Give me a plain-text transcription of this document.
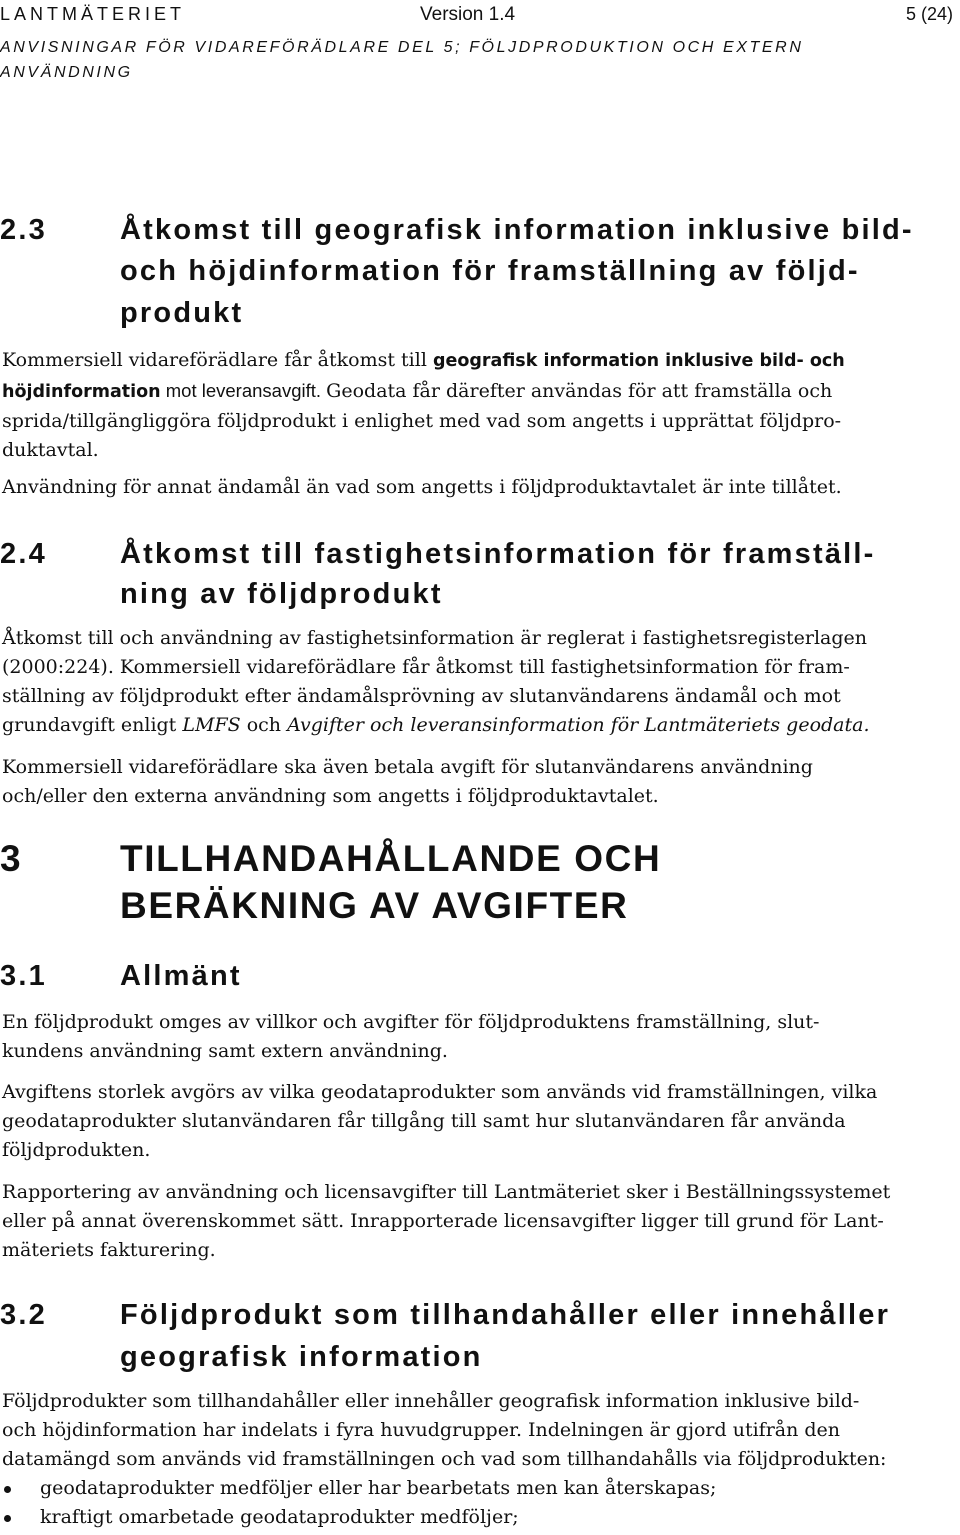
LANTMÄTERIET	Version 1.4	5 (24)
ANVISNINGAR FÖR VIDAREFÖRÄDLARE DEL 5; FÖLJDPRODUKTION OCH EXTERN
ANVÄNDNING
2.3	Åtkomst till geografisk information inklusive bild-
och höjdinformation för framställning av följd-
produkt
Kommersiell vidareförädlare får åtkomst till geografisk information inklusive bild- och
höjdinformation mot leveransavgift. Geodata får därefter användas för att framställa och
sprida/tillgängliggöra följdprodukt i enlighet med vad som angetts i upprättat följdpro-
duktavtal.
Användning för annat ändamål än vad som angetts i följdproduktavtalet är inte tillåtet.
2.4	Åtkomst till fastighetsinformation för framställ-
ning av följdprodukt
Åtkomst till och användning av fastighetsinformation är reglerat i fastighetsregisterlagen
(2000:224). Kommersiell vidareförädlare får åtkomst till fastighetsinformation för fram-
ställning av följdprodukt efter ändamålsprövning av slutanvändarens ändamål och mot
grundavgift enligt LMFS och Avgifter och leveransinformation för Lantmäteriets geodata.
Kommersiell vidareförädlare ska även betala avgift för slutanvändarens användning
och/eller den externa användning som angetts i följdproduktavtalet.
3	TILLHANDAHÅLLANDE OCH
BERÄKNING AV AVGIFTER
3.1	Allmänt
En följdprodukt omges av villkor och avgifter för följdproduktens framställning, slut-
kundens användning samt extern användning.
Avgiftens storlek avgörs av vilka geodataprodukter som används vid framställningen, vilka
geodataprodukter slutanvändaren får tillgång till samt hur slutanvändaren får använda
följdprodukten.
Rapportering av användning och licensavgifter till Lantmäteriet sker i Beställningssystemet
eller på annat överenskommet sätt. Inrapporterade licensavgifter ligger till grund för Lant-
mäteriets fakturering.
3.2	Följdprodukt som tillhandahåller eller innehåller
geografisk information
Följdprodukter som tillhandahåller eller innehåller geografisk information inklusive bild-
och höjdinformation har indelats i fyra huvudgrupper. Indelningen är gjord utifrån den
datamängd som används vid framställningen och vad som tillhandahålls via följdprodukten:
geodataprodukter medföljer eller har bearbetats men kan återskapas;
kraftigt omarbetade geodataprodukter medföljer;
